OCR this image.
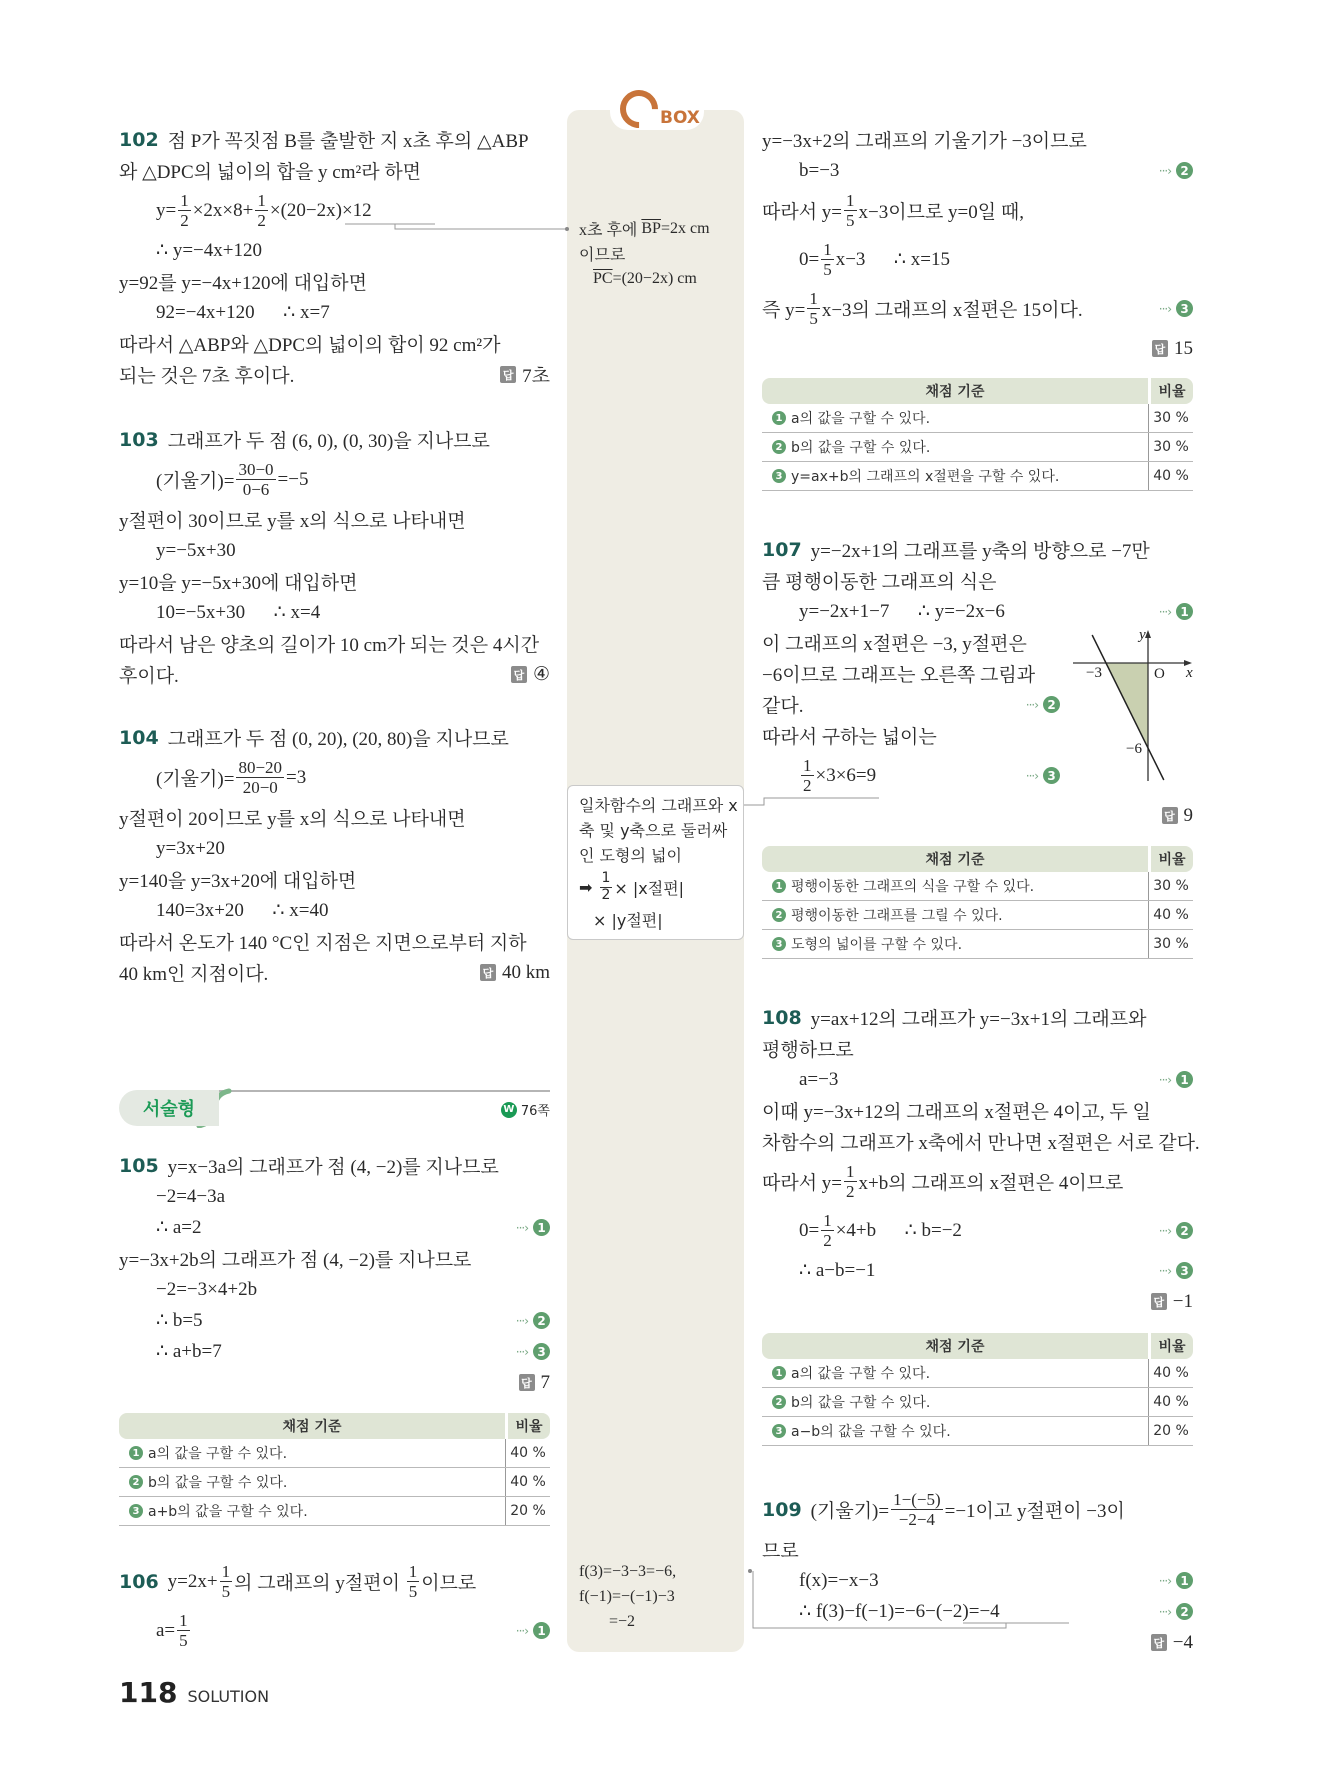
BOX
서술형	W 76쪽
118 SOLUTION
102 점 P가 꼭짓점 B를 출발한 지 x초 후의 △ABP
와 △DPC의 넓이의 합을 y cm²라 하면
$y= \frac{1}{2} \times 2x\times 8+ \frac{1}{2} \times(20-2x)\times 12$
∴ y=−4x+120
y=92를 y=−4x+120에 대입하면
92=−4x+120      ∴ x=7
따라서 △ABP와 △DPC의 넓이의 합이 92 cm²가
되는 것은 7초 후이다.	답 7초
103 그래프가 두 점 (6, 0), (0, 30)을 지나므로
(기울기)= $\frac{30-0}{0-6} =-5$
y절편이 30이므로 y를 x의 식으로 나타내면
y=−5x+30
y=10을 y=−5x+30에 대입하면
10=−5x+30      ∴ x=4
따라서 남은 양초의 길이가 10 cm가 되는 것은 4시간
후이다.	답 ④
104 그래프가 두 점 (0, 20), (20, 80)을 지나므로
(기울기)= $\frac{80-20}{20-0} =3$
y절편이 20이므로 y를 x의 식으로 나타내면
y=3x+20
y=140을 y=3x+20에 대입하면
140=3x+20      ∴ x=40
따라서 온도가 140 °C인 지점은 지면으로부터 지하
40 km인 지점이다.	답 40 km
105 y=x−3a의 그래프가 점 (4, −2)를 지나므로
−2=4−3a
∴ a=2	···› 1
y=−3x+2b의 그래프가 점 (4, −2)를 지나므로
−2=−3×4+2b
∴ b=5	···› 2
∴ a+b=7	···› 3
답 7
채점 기준	비율
1 a의 값을 구할 수 있다.	40 %
2 b의 값을 구할 수 있다.	40 %
3 a+b의 값을 구할 수 있다.	20 %
106 $y=2x+ \frac{1}{5}$ 의 그래프의 y절편이 $\frac{1}{5}$ 이므로
$a= \frac{1}{5}$	···› 1
y=−3x+2의 그래프의 기울기가 −3이므로
b=−3	···› 2
따라서 $y= \frac{1}{5} x-3$이므로 y=0일 때,
$0= \frac{1}{5} x-3$      ∴ x=15
즉 $y= \frac{1}{5} x-3$의 그래프의 x절편은 15이다.	···› 3
답 15
채점 기준	비율
1 a의 값을 구할 수 있다.	30 %
2 b의 값을 구할 수 있다.	30 %
3 y=ax+b의 그래프의 x절편을 구할 수 있다.	40 %
107 y=−2x+1의 그래프를 y축의 방향으로 −7만
큼 평행이동한 그래프의 식은
y=−2x+1−7      ∴ y=−2x−6	···› 1
x
y
O
−3
−6
이 그래프의 x절편은 −3, y절편은
−6이므로 그래프는 오른쪽 그림과
같다.	···› 2
따라서 구하는 넓이는
$\frac{1}{2} \times 3\times 6=9$	···› 3
답 9
채점 기준	비율
1 평행이동한 그래프의 식을 구할 수 있다.	30 %
2 평행이동한 그래프를 그릴 수 있다.	40 %
3 도형의 넓이를 구할 수 있다.	30 %
108 y=ax+12의 그래프가 y=−3x+1의 그래프와
평행하므로
a=−3	···› 1
이때 y=−3x+12의 그래프의 x절편은 4이고, 두 일
차함수의 그래프가 x축에서 만나면 x절편은 서로 같다.
따라서 $y= \frac{1}{2} x+b$의 그래프의 x절편은 4이므로
$0= \frac{1}{2} \times 4+b$      ∴ b=−2	···› 2
∴ a−b=−1	···› 3
답 −1
채점 기준	비율
1 a의 값을 구할 수 있다.	40 %
2 b의 값을 구할 수 있다.	40 %
3 a−b의 값을 구할 수 있다.	20 %
109 (기울기)= $\frac{1-(-5)}{-2-4} =-1$이고 y절편이 −3이
므로
f(x)=−x−3	···› 1
∴ f(3)−f(−1)=−6−(−2)=−4	···› 2
답 −4
x초 후에 $\overline{BP} =2x$ cm
이므로
$\overline{PC} =(20-2x)$ cm
일차함수의 그래프와 x
축 및 y축으로 둘러싸
인 도형의 넓이
➡ $\frac{1}{2} \times |x$절편|
× |y절편|
f(3)=−3−3=−6,
f(−1)=−(−1)−3
=−2
